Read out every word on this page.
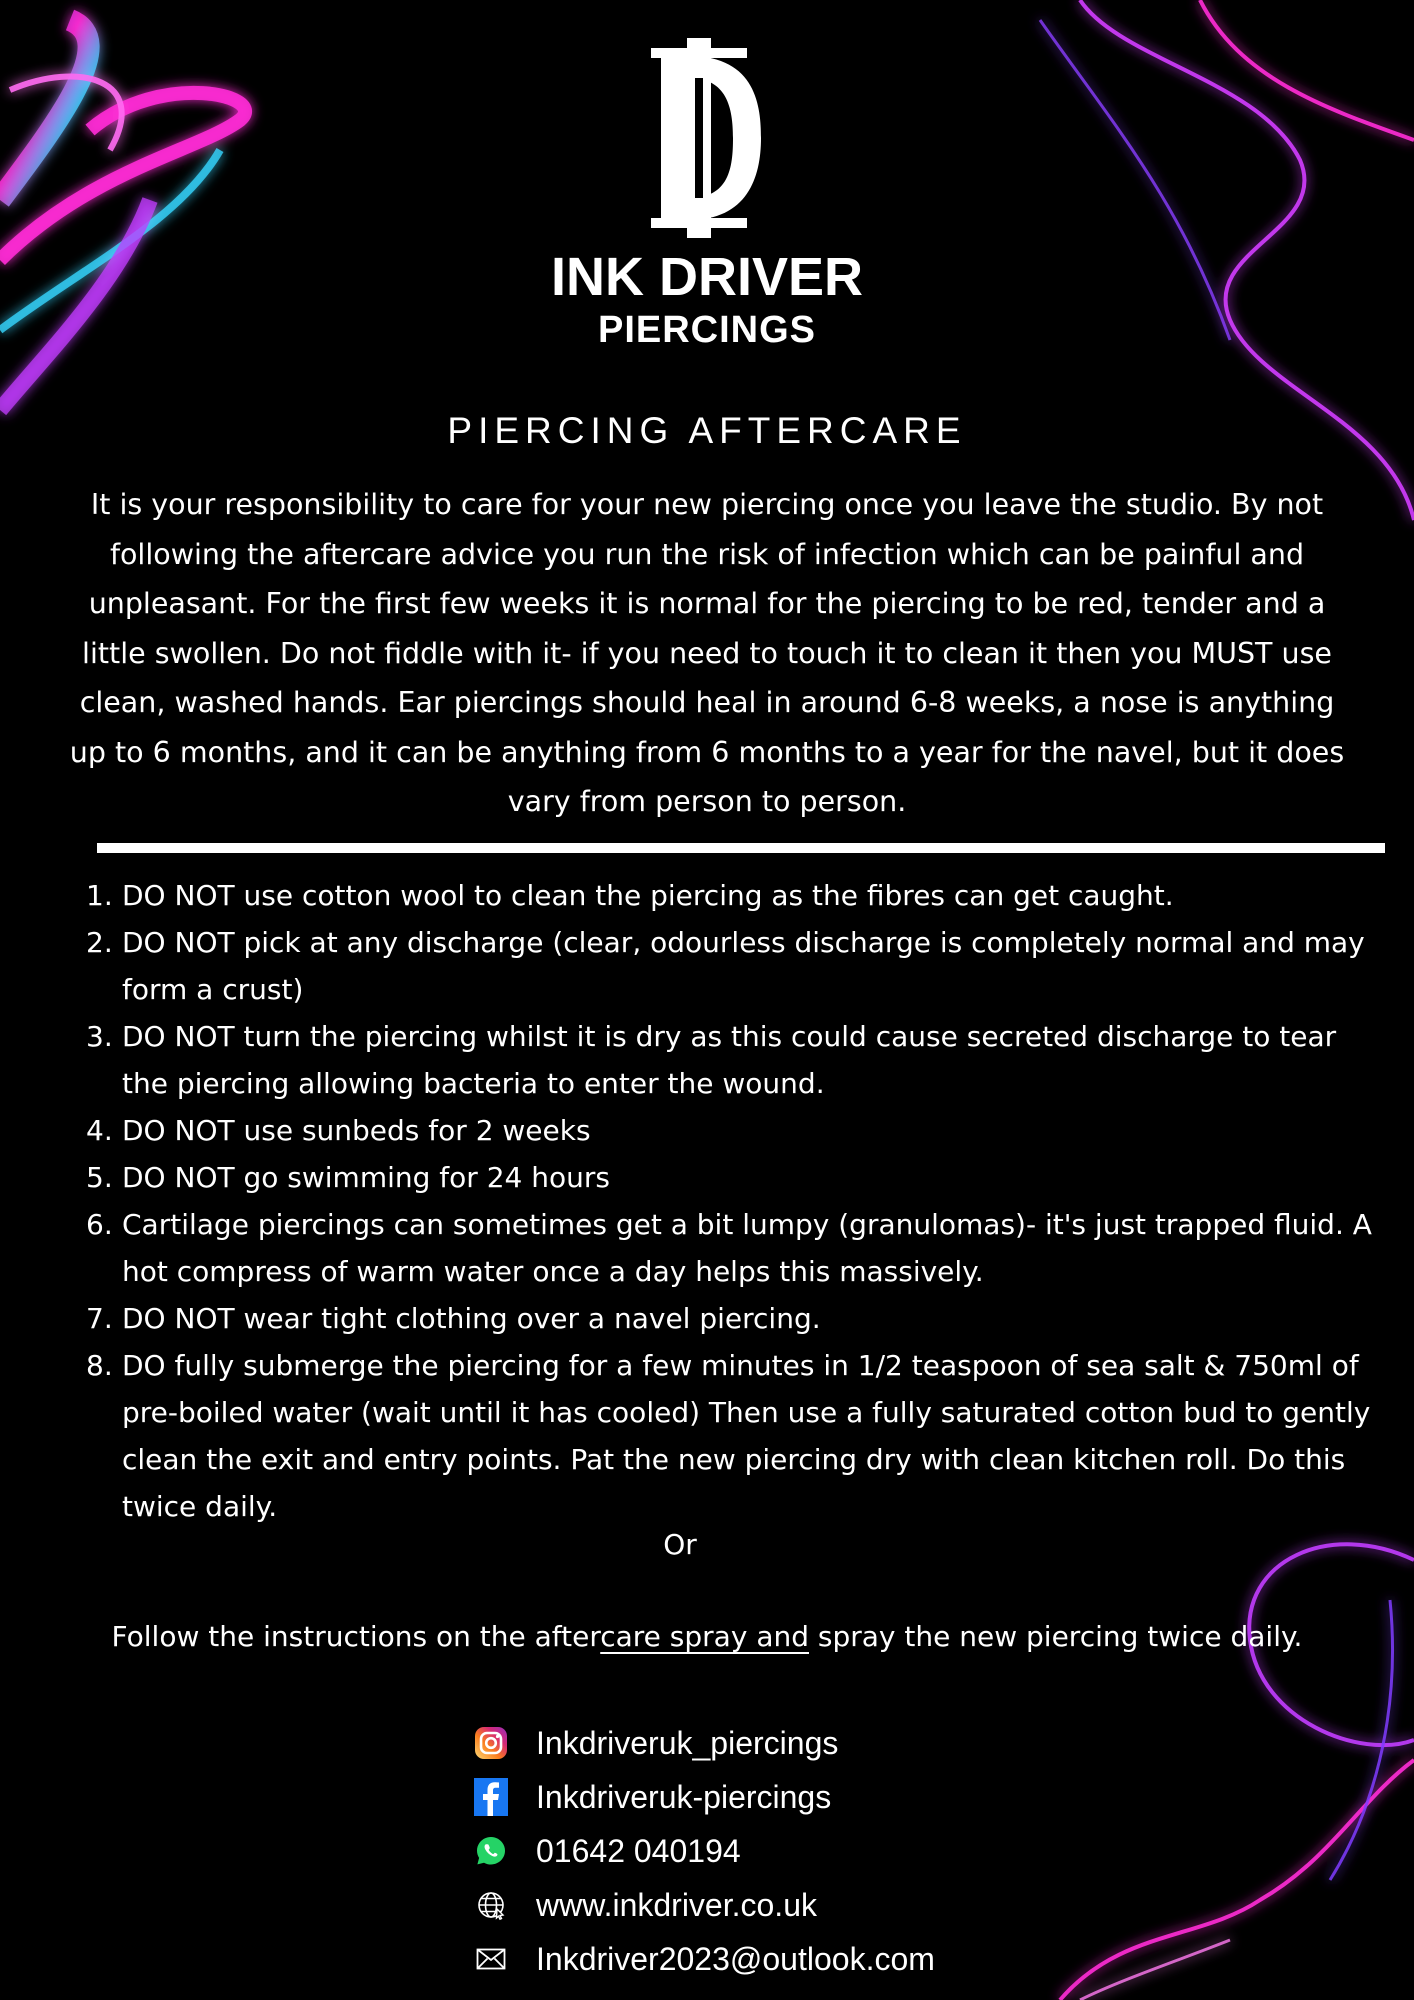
INK DRIVER
PIERCINGS
PIERCING AFTERCARE
It is your responsibility to care for your new piercing once you leave the studio. By not following the aftercare advice you run the risk of infection which can be painful and unpleasant. For the first few weeks it is normal for the piercing to be red, tender and a little swollen. Do not fiddle with it- if you need to touch it to clean it then you MUST use clean, washed hands. Ear piercings should heal in around 6-8 weeks, a nose is anything up to 6 months, and it can be anything from 6 months to a year for the navel, but it does vary from person to person.
1. DO NOT use cotton wool to clean the piercing as the fibres can get caught.
2. DO NOT pick at any discharge (clear, odourless discharge is completely normal and may form a crust)
3. DO NOT turn the piercing whilst it is dry as this could cause secreted discharge to tear the piercing allowing bacteria to enter the wound.
4. DO NOT use sunbeds for 2 weeks
5. DO NOT go swimming for 24 hours
6. Cartilage piercings can sometimes get a bit lumpy (granulomas)- it's just trapped fluid. A hot compress of warm water once a day helps this massively.
7. DO NOT wear tight clothing over a navel piercing.
8. DO fully submerge the piercing for a few minutes in 1/2 teaspoon of sea salt & 750ml of pre-boiled water (wait until it has cooled) Then use a fully saturated cotton bud to gently clean the exit and entry points. Pat the new piercing dry with clean kitchen roll. Do this twice daily.
Or
Follow the instructions on the aftercare spray and spray the new piercing twice daily.
Inkdriveruk_piercings
Inkdriveruk-piercings
01642 040194
www.inkdriver.co.uk
Inkdriver2023@outlook.com
